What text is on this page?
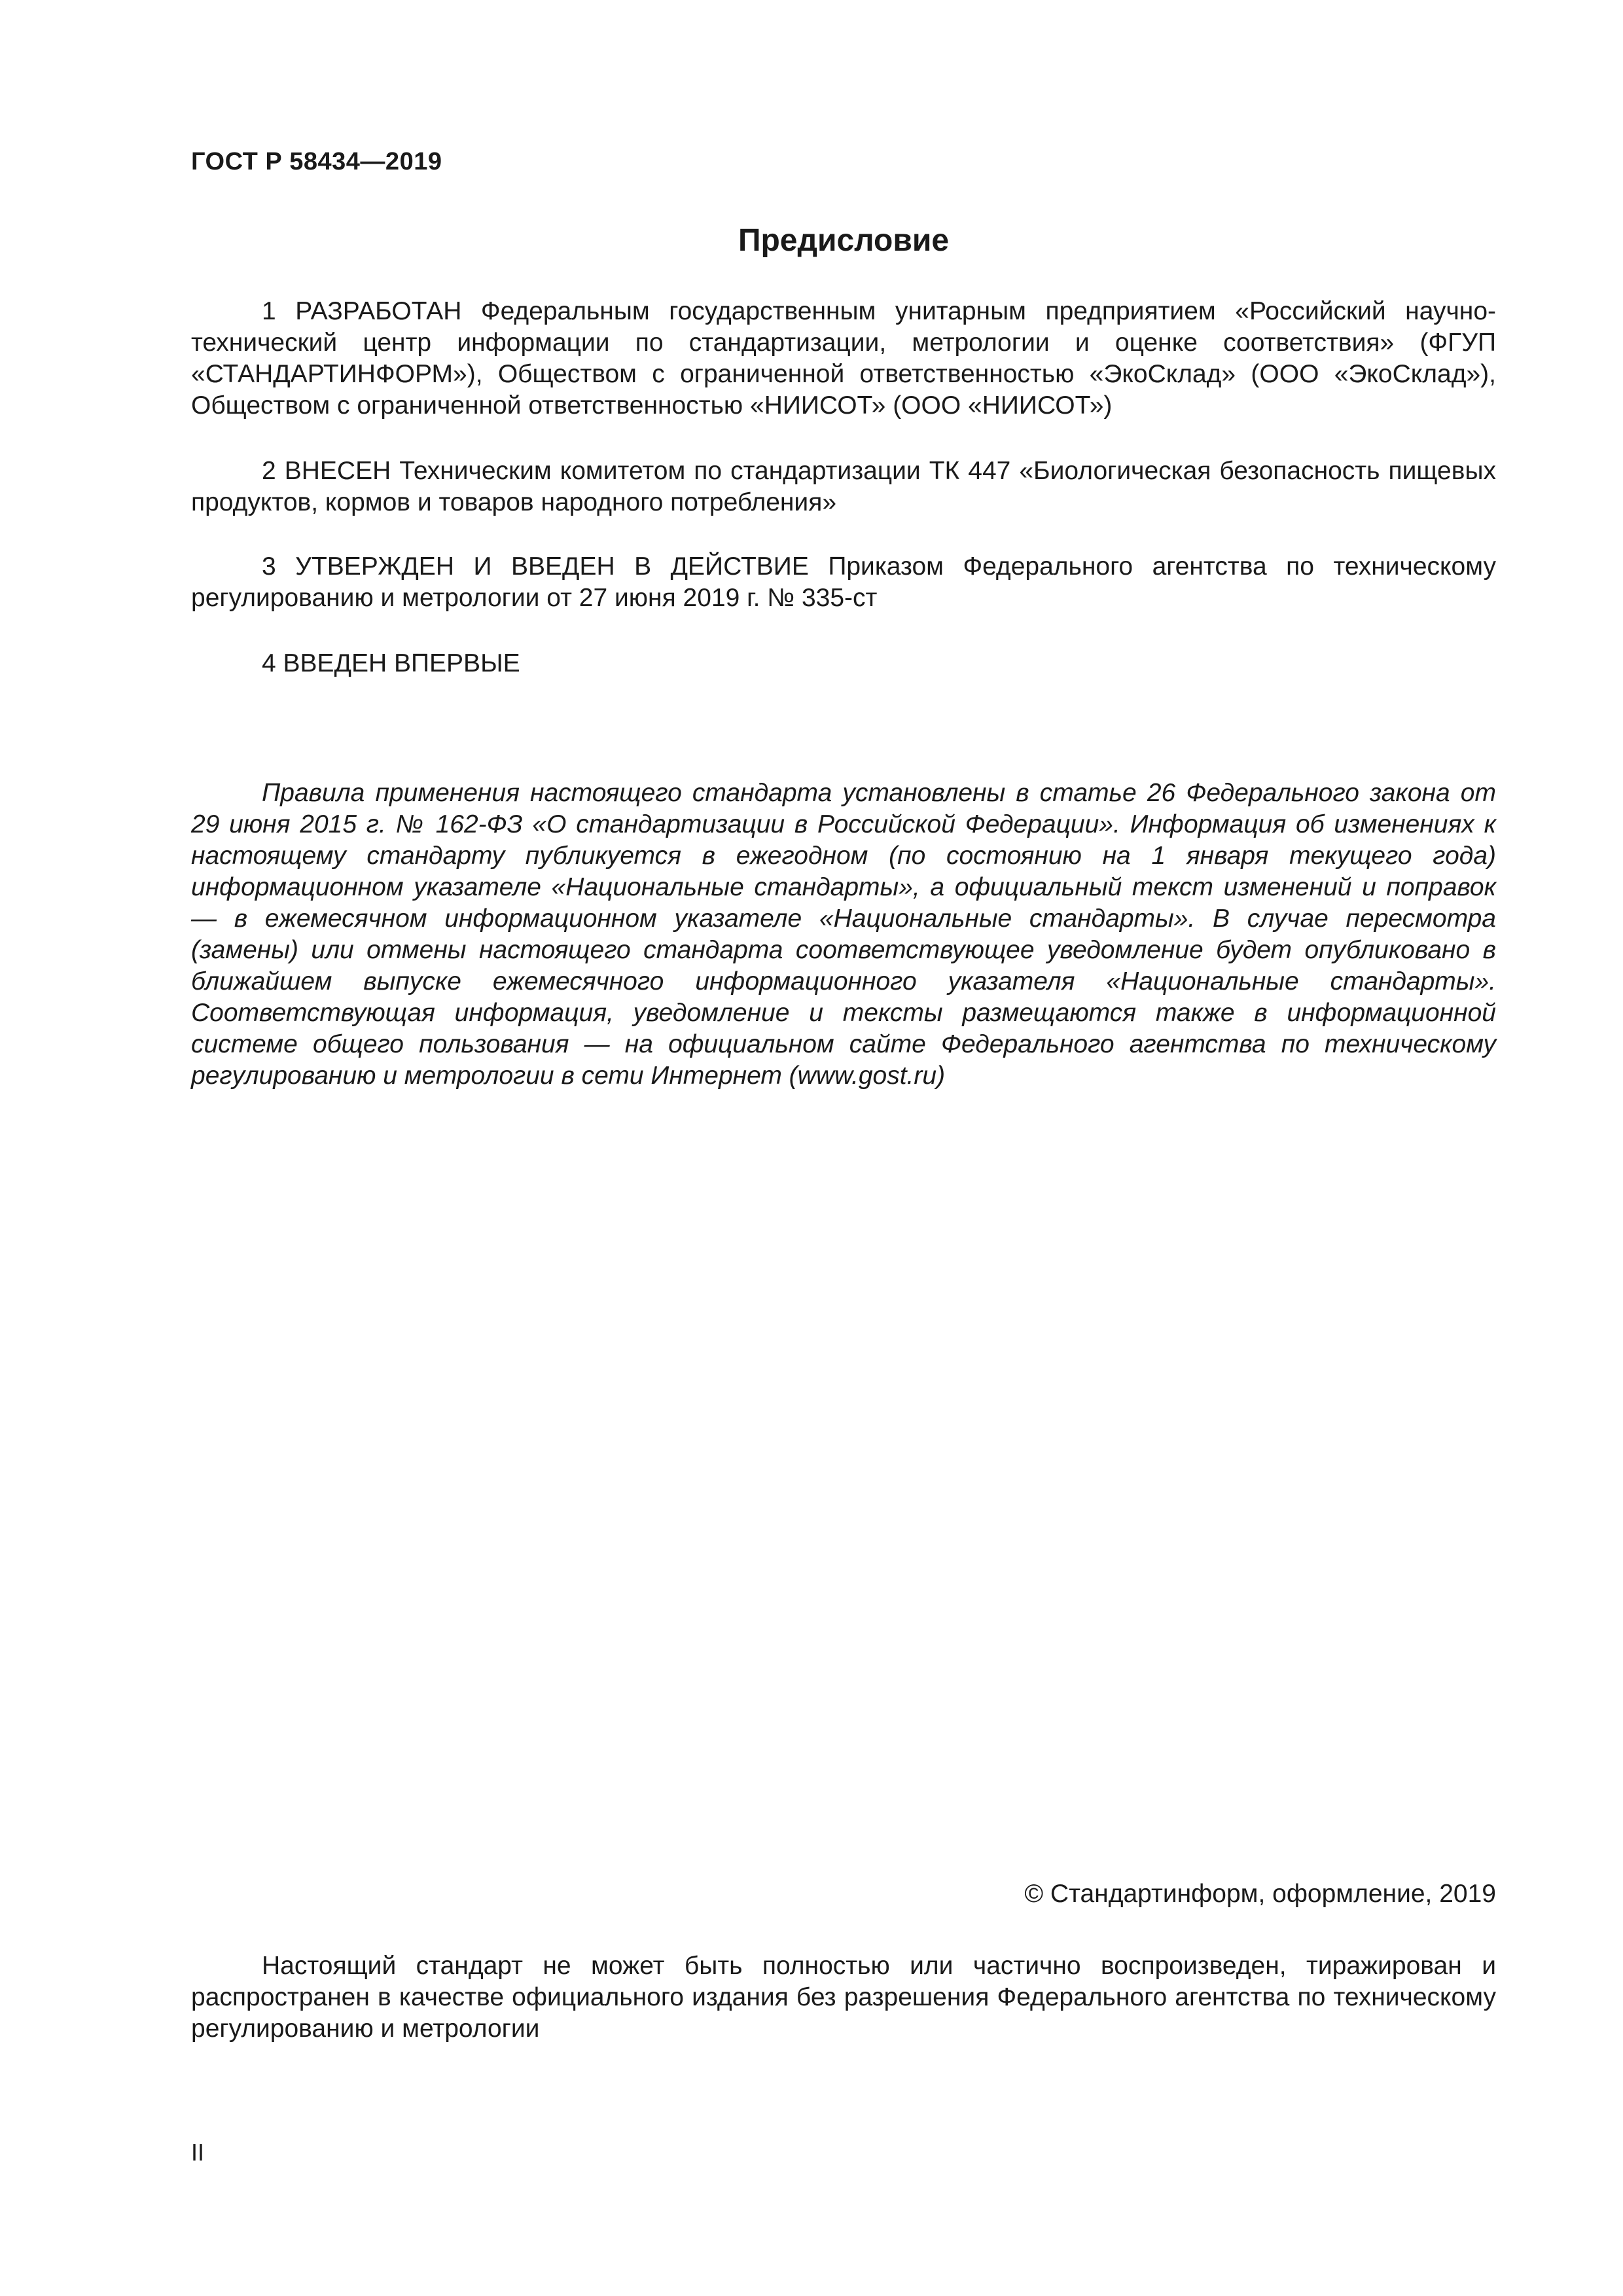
ГОСТ Р 58434—2019
Предисловие

1 РАЗРАБОТАН Федеральным государственным унитарным предприятием «Российский научно-технический центр информации по стандартизации, метрологии и оценке соответствия» (ФГУП «СТАНДАРТИНФОРМ»), Обществом с ограниченной ответственностью «ЭкоСклад» (ООО «ЭкоСклад»), Обществом с ограниченной ответственностью «НИИСОТ» (ООО «НИИСОТ»)

2 ВНЕСЕН Техническим комитетом по стандартизации ТК 447 «Биологическая безопасность пищевых продуктов, кормов и товаров народного потребления»

3 УТВЕРЖДЕН И ВВЕДЕН В ДЕЙСТВИЕ Приказом Федерального агентства по техническому регулированию и метрологии от 27 июня 2019 г. № 335-ст

4 ВВЕДЕН ВПЕРВЫЕ

Правила применения настоящего стандарта установлены в статье 26 Федерального закона от 29 июня 2015 г. № 162-ФЗ «О стандартизации в Российской Федерации». Информация об изменениях к настоящему стандарту публикуется в ежегодном (по состоянию на 1 января текущего года) информационном указателе «Национальные стандарты», а официальный текст изменений и поправок — в ежемесячном информационном указателе «Национальные стандарты». В случае пересмотра (замены) или отмены настоящего стандарта соответствующее уведомление будет опубликовано в ближайшем выпуске ежемесячного информационного указателя «Национальные стандарты». Соответствующая информация, уведомление и тексты размещаются также в информационной системе общего пользования — на официальном сайте Федерального агентства по техническому регулированию и метрологии в сети Интернет (www.gost.ru)

© Стандартинформ, оформление, 2019

Настоящий стандарт не может быть полностью или частично воспроизведен, тиражирован и распространен в качестве официального издания без разрешения Федерального агентства по техническому регулированию и метрологии

II
